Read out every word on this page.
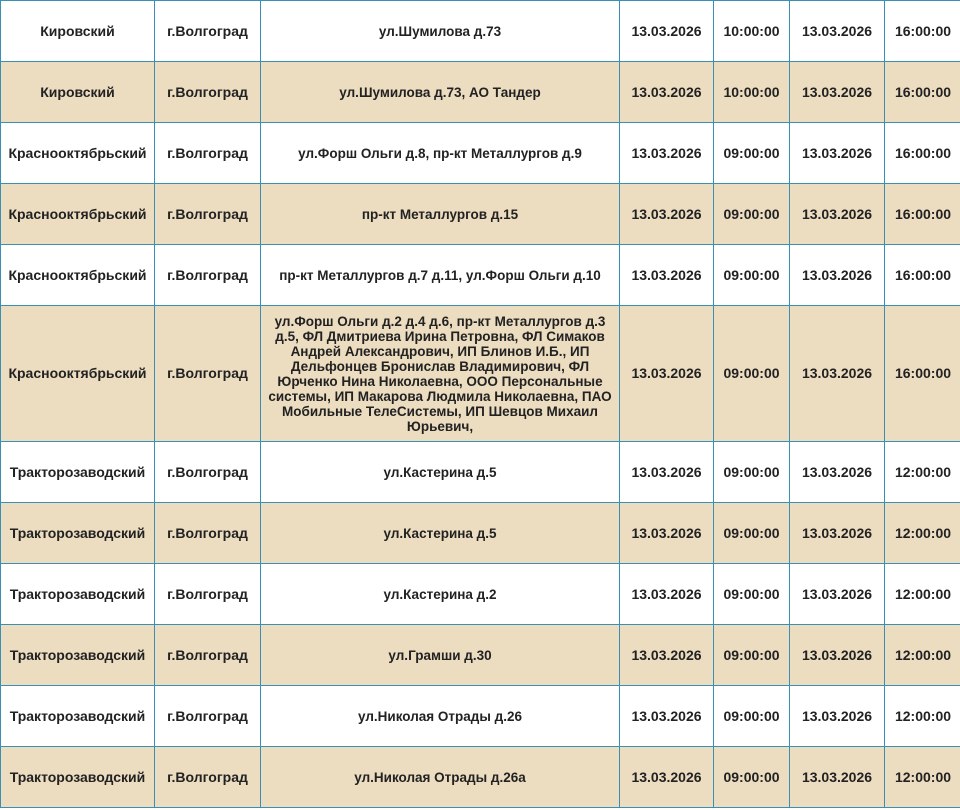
Кировский	г.Волгоград	ул.Шумилова д.73	13.03.2026	10:00:00	13.03.2026	16:00:00
Кировский	г.Волгоград	ул.Шумилова д.73, АО Тандер	13.03.2026	10:00:00	13.03.2026	16:00:00
Краснооктябрьский	г.Волгоград	ул.Форш Ольги д.8, пр-кт Металлургов д.9	13.03.2026	09:00:00	13.03.2026	16:00:00
Краснооктябрьский	г.Волгоград	пр-кт Металлургов д.15	13.03.2026	09:00:00	13.03.2026	16:00:00
Краснооктябрьский	г.Волгоград	пр-кт Металлургов д.7 д.11, ул.Форш Ольги д.10	13.03.2026	09:00:00	13.03.2026	16:00:00
Краснооктябрьский	г.Волгоград	ул.Форш Ольги д.2 д.4 д.6, пр-кт Металлургов д.3 д.5, ФЛ Дмитриева Ирина Петровна, ФЛ Симаков Андрей Александрович, ИП Блинов И.Б., ИП Дельфонцев Бронислав Владимирович, ФЛ Юрченко Нина Николаевна, ООО Персональные системы, ИП Макарова Людмила Николаевна, ПАО Мобильные ТелеСистемы, ИП Шевцов Михаил Юрьевич,	13.03.2026	09:00:00	13.03.2026	16:00:00
Тракторозаводский	г.Волгоград	ул.Кастерина д.5	13.03.2026	09:00:00	13.03.2026	12:00:00
Тракторозаводский	г.Волгоград	ул.Кастерина д.5	13.03.2026	09:00:00	13.03.2026	12:00:00
Тракторозаводский	г.Волгоград	ул.Кастерина д.2	13.03.2026	09:00:00	13.03.2026	12:00:00
Тракторозаводский	г.Волгоград	ул.Грамши д.30	13.03.2026	09:00:00	13.03.2026	12:00:00
Тракторозаводский	г.Волгоград	ул.Николая Отрады д.26	13.03.2026	09:00:00	13.03.2026	12:00:00
Тракторозаводский	г.Волгоград	ул.Николая Отрады д.26а	13.03.2026	09:00:00	13.03.2026	12:00:00
